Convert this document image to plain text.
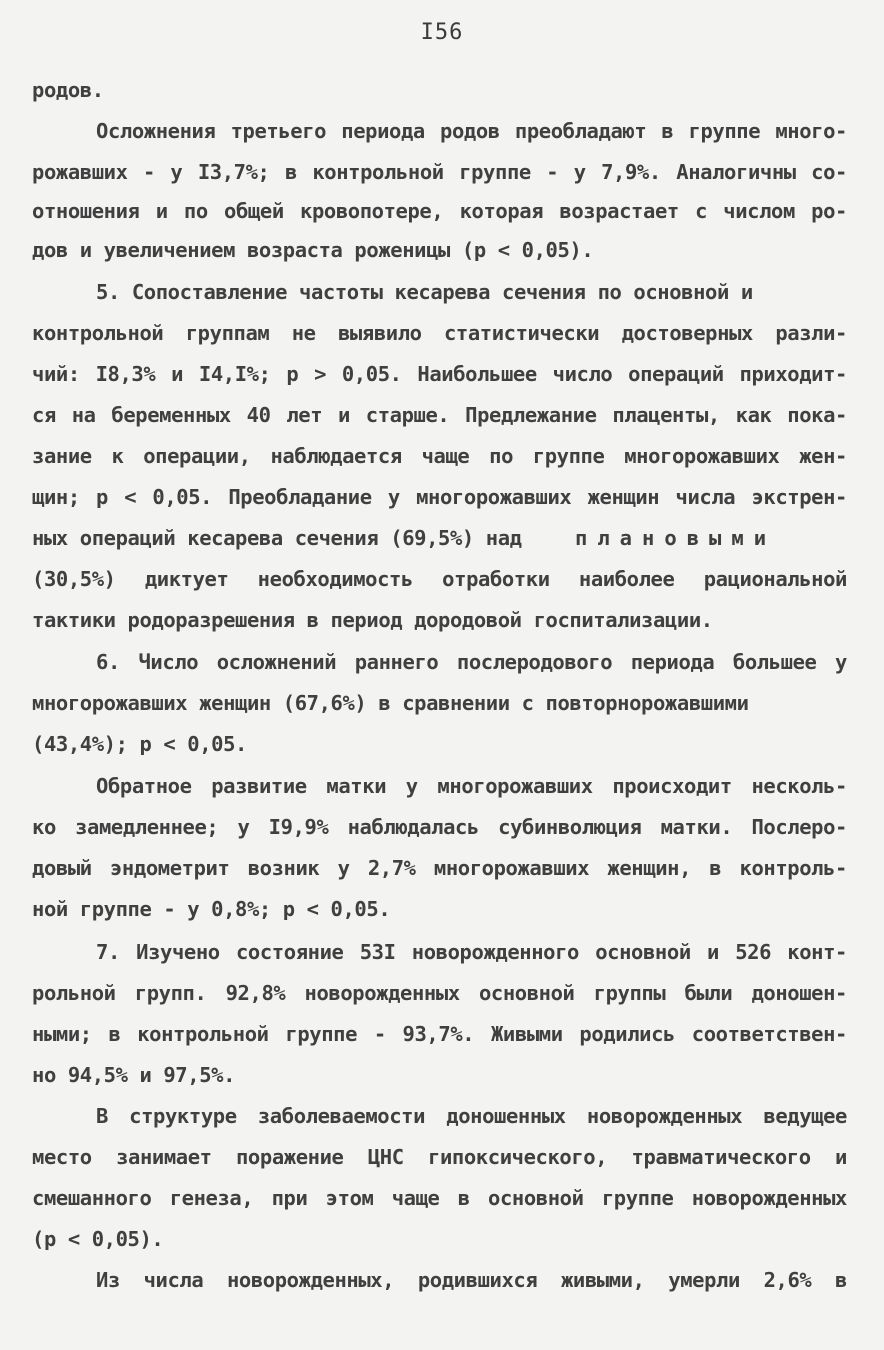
I56
родов.
Осложнения третьего периода родов преобладают в группе много-
рожавших - у I3,7%; в контрольной группе - у 7,9%. Аналогичны со-
отношения и по общей кровопотере, которая возрастает с числом ро-
дов и увеличением возраста роженицы (p < 0,05).
5. Сопоставление частоты кесарева сечения по основной и
контрольной группам не выявило статистически достоверных разли-
чий: I8,3% и I4,I%; p > 0,05. Наибольшее число операций приходит-
ся на беременных 40 лет и старше. Предлежание плаценты, как пока-
зание к операции, наблюдается чаще по группе многорожавших жен-
щин; p < 0,05. Преобладание у многорожавших женщин числа экстрен-
ных операций кесарева сечения (69,5%) над	плановыми
(30,5%) диктует необходимость отработки наиболее рациональной
тактики родоразрешения в период дородовой госпитализации.
6. Число осложнений раннего послеродового периода большее у
многорожавших женщин (67,6%) в сравнении с повторнорожавшими
(43,4%); p < 0,05.
Обратное развитие матки у многорожавших происходит несколь-
ко замедленнее; у I9,9% наблюдалась субинволюция матки. Послеро-
довый эндометрит возник у 2,7% многорожавших женщин, в контроль-
ной группе - у 0,8%; p < 0,05.
7. Изучено состояние 53I новорожденного основной и 526 конт-
рольной групп. 92,8% новорожденных основной группы были доношен-
ными; в контрольной группе - 93,7%. Живыми родились соответствен-
но 94,5% и 97,5%.
В структуре заболеваемости доношенных новорожденных ведущее
место занимает поражение ЦНС гипоксического, травматического и
смешанного генеза, при этом чаще в основной группе новорожденных
(p < 0,05).
Из числа новорожденных, родившихся живыми, умерли 2,6% в
